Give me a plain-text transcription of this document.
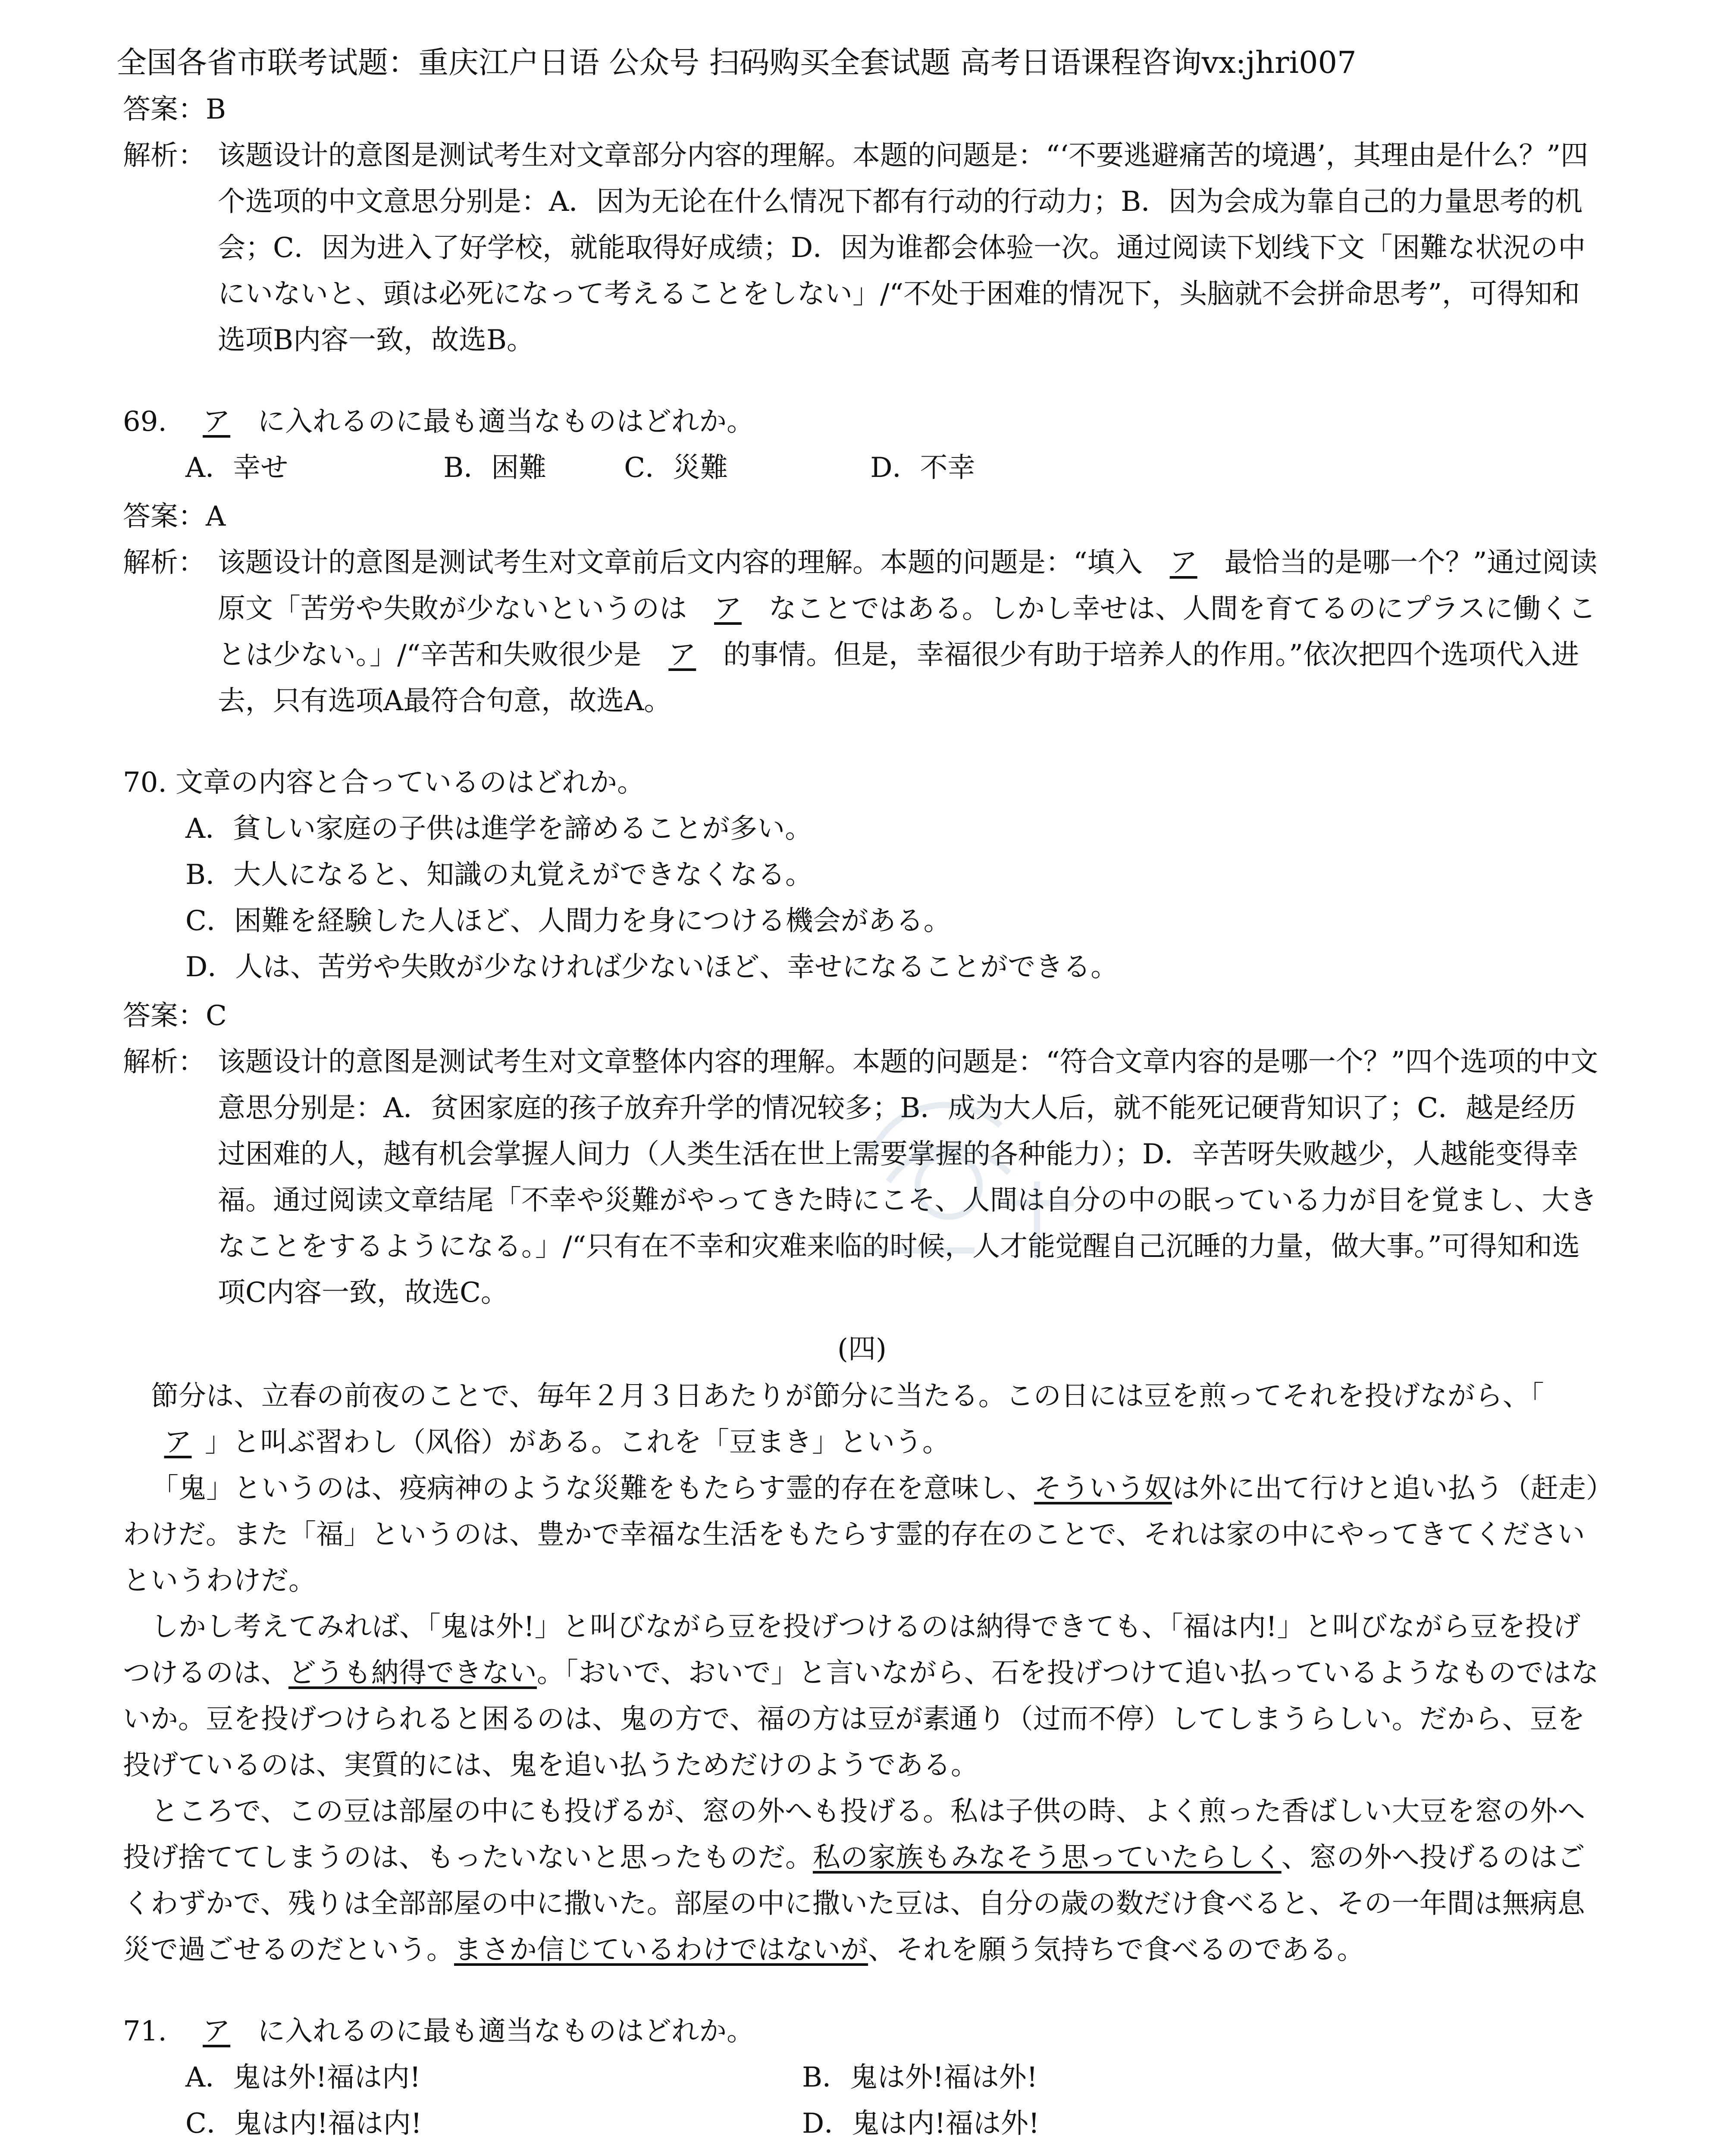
全国各省市联考试题：重庆江户日语 公众号 扫码购买全套试题 高考日语课程咨询vx:jhri007
答案：B
解析： 该题设计的意图是测试考生对文章部分内容的理解。本题的问题是：“‘不要逃避痛苦的境遇’，其理由是什么？”四个选项的中文意思分别是：A．因为无论在什么情况下都有行动的行动力；B．因为会成为靠自己的力量思考的机会；C．因为进入了好学校，就能取得好成绩；D．因为谁都会体验一次。通过阅读下划线下文「困難な状況の中にいないと、頭は必死になって考えることをしない」/“不处于困难的情况下，头脑就不会拼命思考”，可得知和选项B内容一致，故选B。
69. ア に入れるのに最も適当なものはどれか。
A．幸せ	B．困難	C．災難	D．不幸
答案：A
解析： 该题设计的意图是测试考生对文章前后文内容的理解。本题的问题是：“填入 ア 最恰当的是哪一个？”通过阅读原文「苦労や失敗が少ないというのは ア なことではある。しかし幸せは、人間を育てるのにプラスに働くことは少ない。」/“辛苦和失败很少是 ア 的事情。但是，幸福很少有助于培养人的作用。”依次把四个选项代入进去，只有选项A最符合句意，故选A。
70. 文章の内容と合っているのはどれか。
A．貧しい家庭の子供は進学を諦めることが多い。
B．大人になると、知識の丸覚えができなくなる。
C．困難を経験した人ほど、人間力を身につける機会がある。
D．人は、苦労や失敗が少なければ少ないほど、幸せになることができる。
答案：C
解析： 该题设计的意图是测试考生对文章整体内容的理解。本题的问题是：“符合文章内容的是哪一个？”四个选项的中文意思分别是：A．贫困家庭的孩子放弃升学的情况较多；B．成为大人后，就不能死记硬背知识了；C．越是经历过困难的人，越有机会掌握人间力（人类生活在世上需要掌握的各种能力）；D．辛苦呀失败越少，人越能变得幸福。通过阅读文章结尾「不幸や災難がやってきた時にこそ、人間は自分の中の眠っている力が目を覚まし、大きなことをするようになる。」/“只有在不幸和灾难来临的时候，人才能觉醒自己沉睡的力量，做大事。”可得知和选项C内容一致，故选C。
(四)
節分は、立春の前夜のことで、毎年２月３日あたりが節分に当たる。この日には豆を煎ってそれを投げながら、「ア 」と叫ぶ習わし（风俗）がある。これを「豆まき」という。
「鬼」というのは、疫病神のような災難をもたらす霊的存在を意味し、そういう奴は外に出て行けと追い払う（赶走）わけだ。また「福」というのは、豊かで幸福な生活をもたらす霊的存在のことで、それは家の中にやってきてくださいというわけだ。
しかし考えてみれば、「鬼は外!」と叫びながら豆を投げつけるのは納得できても、「福は内!」と叫びながら豆を投げつけるのは、どうも納得できない。「おいで、おいで」と言いながら、石を投げつけて追い払っているようなものではないか。豆を投げつけられると困るのは、鬼の方で、福の方は豆が素通り（过而不停）してしまうらしい。だから、豆を投げているのは、実質的には、鬼を追い払うためだけのようである。
ところで、この豆は部屋の中にも投げるが、窓の外へも投げる。私は子供の時、よく煎った香ばしい大豆を窓の外へ投げ捨ててしまうのは、もったいないと思ったものだ。私の家族もみなそう思っていたらしく、窓の外へ投げるのはごくわずかで、残りは全部部屋の中に撒いた。部屋の中に撒いた豆は、自分の歳の数だけ食べると、その一年間は無病息災で過ごせるのだという。まさか信じているわけではないが、それを願う気持ちで食べるのである。
71. ア に入れるのに最も適当なものはどれか。
A．鬼は外!福は内!	B．鬼は外!福は外!
C．鬼は内!福は内!	D．鬼は内!福は外!
